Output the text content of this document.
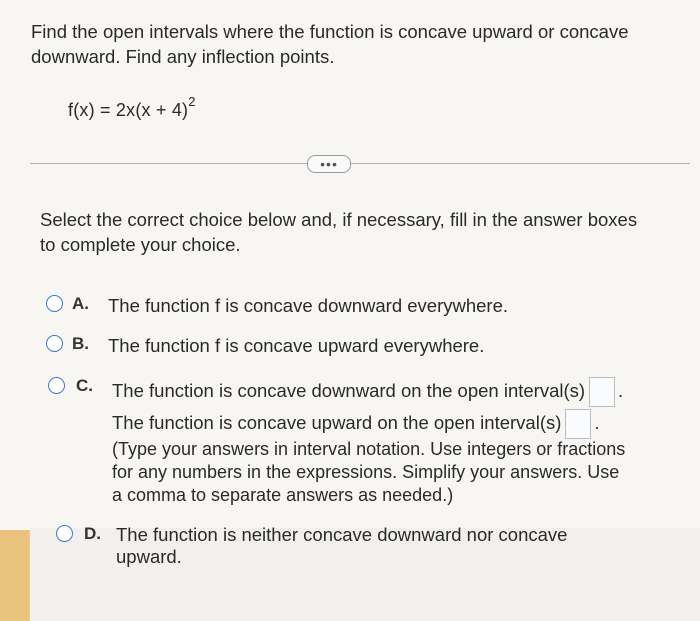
Find the open intervals where the function is concave upward or concave downward. Find any inflection points.
$f(x) = 2x(x + 4)^2$
•••
Select the correct choice below and, if necessary, fill in the answer boxes to complete your choice.
A. The function f is concave downward everywhere.
B. The function f is concave upward everywhere.
C. The function is concave downward on the open interval(s) .
The function is concave upward on the open interval(s) .
(Type your answers in interval notation. Use integers or fractions for any numbers in the expressions. Simplify your answers. Use a comma to separate answers as needed.)
D. The function is neither concave downward nor concave
upward.
